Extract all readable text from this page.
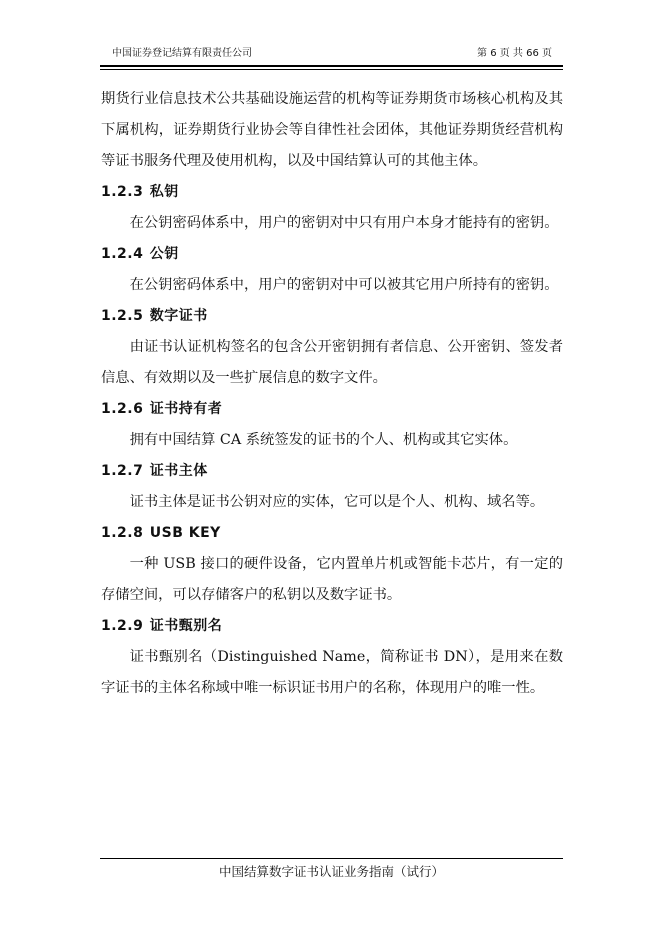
中国证券登记结算有限责任公司	第 6 页 共 66 页

期货行业信息技术公共基础设施运营的机构等证券期货市场核心机构及其下属机构，证券期货行业协会等自律性社会团体，其他证券期货经营机构等证书服务代理及使用机构，以及中国结算认可的其他主体。

1.2.3 私钥

在公钥密码体系中，用户的密钥对中只有用户本身才能持有的密钥。

1.2.4 公钥

在公钥密码体系中，用户的密钥对中可以被其它用户所持有的密钥。

1.2.5 数字证书

由证书认证机构签名的包含公开密钥拥有者信息、公开密钥、签发者信息、有效期以及一些扩展信息的数字文件。

1.2.6 证书持有者

拥有中国结算 CA 系统签发的证书的个人、机构或其它实体。

1.2.7 证书主体

证书主体是证书公钥对应的实体，它可以是个人、机构、域名等。

1.2.8 USB KEY

一种 USB 接口的硬件设备，它内置单片机或智能卡芯片，有一定的存储空间，可以存储客户的私钥以及数字证书。

1.2.9 证书甄别名

证书甄别名（Distinguished Name，简称证书 DN），是用来在数字证书的主体名称域中唯一标识证书用户的名称，体现用户的唯一性。

中国结算数字证书认证业务指南（试行）
